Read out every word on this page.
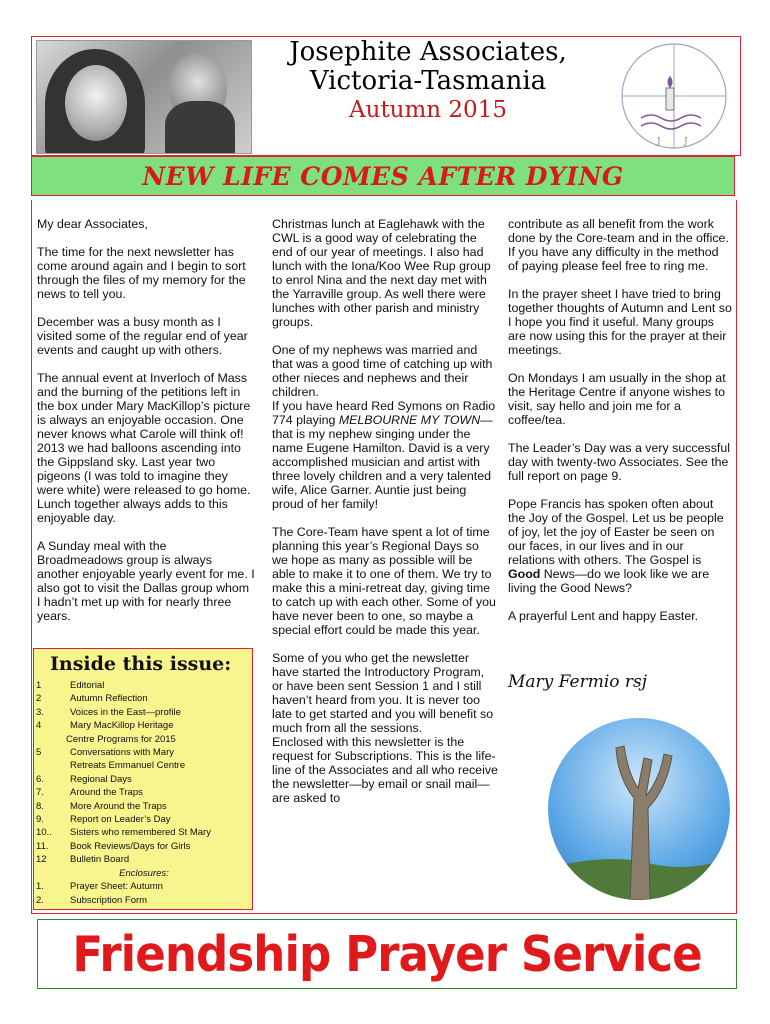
Josephite Associates,
Victoria-Tasmania
Autumn 2015
J	J
NEW LIFE COMES AFTER DYING

My dear Associates,

The time for the next newsletter has come around again and I begin to sort through the files of my memory for the news to tell you.

December was a busy month as I visited some of the regular end of year events and caught up with others.

The annual event at Inverloch of Mass and the burning of the petitions left in the box under Mary MacKillop’s picture is always an enjoyable occasion. One never knows what Carole will think of! 2013 we had balloons ascending into the Gippsland sky. Last year two pigeons (I was told to imagine they were white) were released to go home. Lunch together always adds to this enjoyable day.

A Sunday meal with the Broadmeadows group is always another enjoyable yearly event for me. I also got to visit the Dallas group whom I hadn’t met up with for nearly three years.

Inside this issue:
1	Editorial
2	Autumn Reflection
3.	Voices in the East—profile
4	Mary MacKillop Heritage
Centre Programs for 2015
5	Conversations with Mary
Retreats Emmanuel Centre
6.	Regional Days
7.	Around the Traps
8.	More Around the Traps
9.	Report on Leader’s Day
10..	Sisters who remembered St Mary
11.	Book Reviews/Days for Girls
12	Bulletin Board
Enclosures:
1.	Prayer Sheet: Autumn
2.	Subscription Form

Christmas lunch at Eaglehawk with the CWL is a good way of celebrating the end of our year of meetings. I also had lunch with the Iona/Koo Wee Rup group to enrol Nina and the next day met with the Yarraville group. As well there were lunches with other parish and ministry groups.

One of my nephews was married and that was a good time of catching up with other nieces and nephews and their children.
If you have heard Red Symons on Radio 774 playing MELBOURNE MY TOWN—that is my nephew singing under the name Eugene Hamilton. David is a very accomplished musician and artist with three lovely children and a very talented wife, Alice Garner. Auntie just being proud of her family!

The Core-Team have spent a lot of time planning this year’s Regional Days so we hope as many as possible will be able to make it to one of them. We try to make this a mini-retreat day, giving time to catch up with each other. Some of you have never been to one, so maybe a special effort could be made this year.

Some of you who get the newsletter have started the Introductory Program, or have been sent Session 1 and I still haven’t heard from you. It is never too late to get started and you will benefit so much from all the sessions.
Enclosed with this newsletter is the request for Subscriptions. This is the life-line of the Associates and all who receive the newsletter—by email or snail mail—are asked to

contribute as all benefit from the work done by the Core-team and in the office. If you have any difficulty in the method of paying please feel free to ring me.

In the prayer sheet I have tried to bring together thoughts of Autumn and Lent so I hope you find it useful. Many groups are now using this for the prayer at their meetings.

On Mondays I am usually in the shop at the Heritage Centre if anyone wishes to visit, say hello and join me for a coffee/tea.

The Leader’s Day was a very successful day with twenty-two Associates. See the full report on page 9.

Pope Francis has spoken often about the Joy of the Gospel. Let us be people of joy, let the joy of Easter be seen on our faces, in our lives and in our relations with others. The Gospel is Good News—do we look like we are living the Good News?

A prayerful Lent and happy Easter.

Mary Fermio rsj
Friendship Prayer Service
